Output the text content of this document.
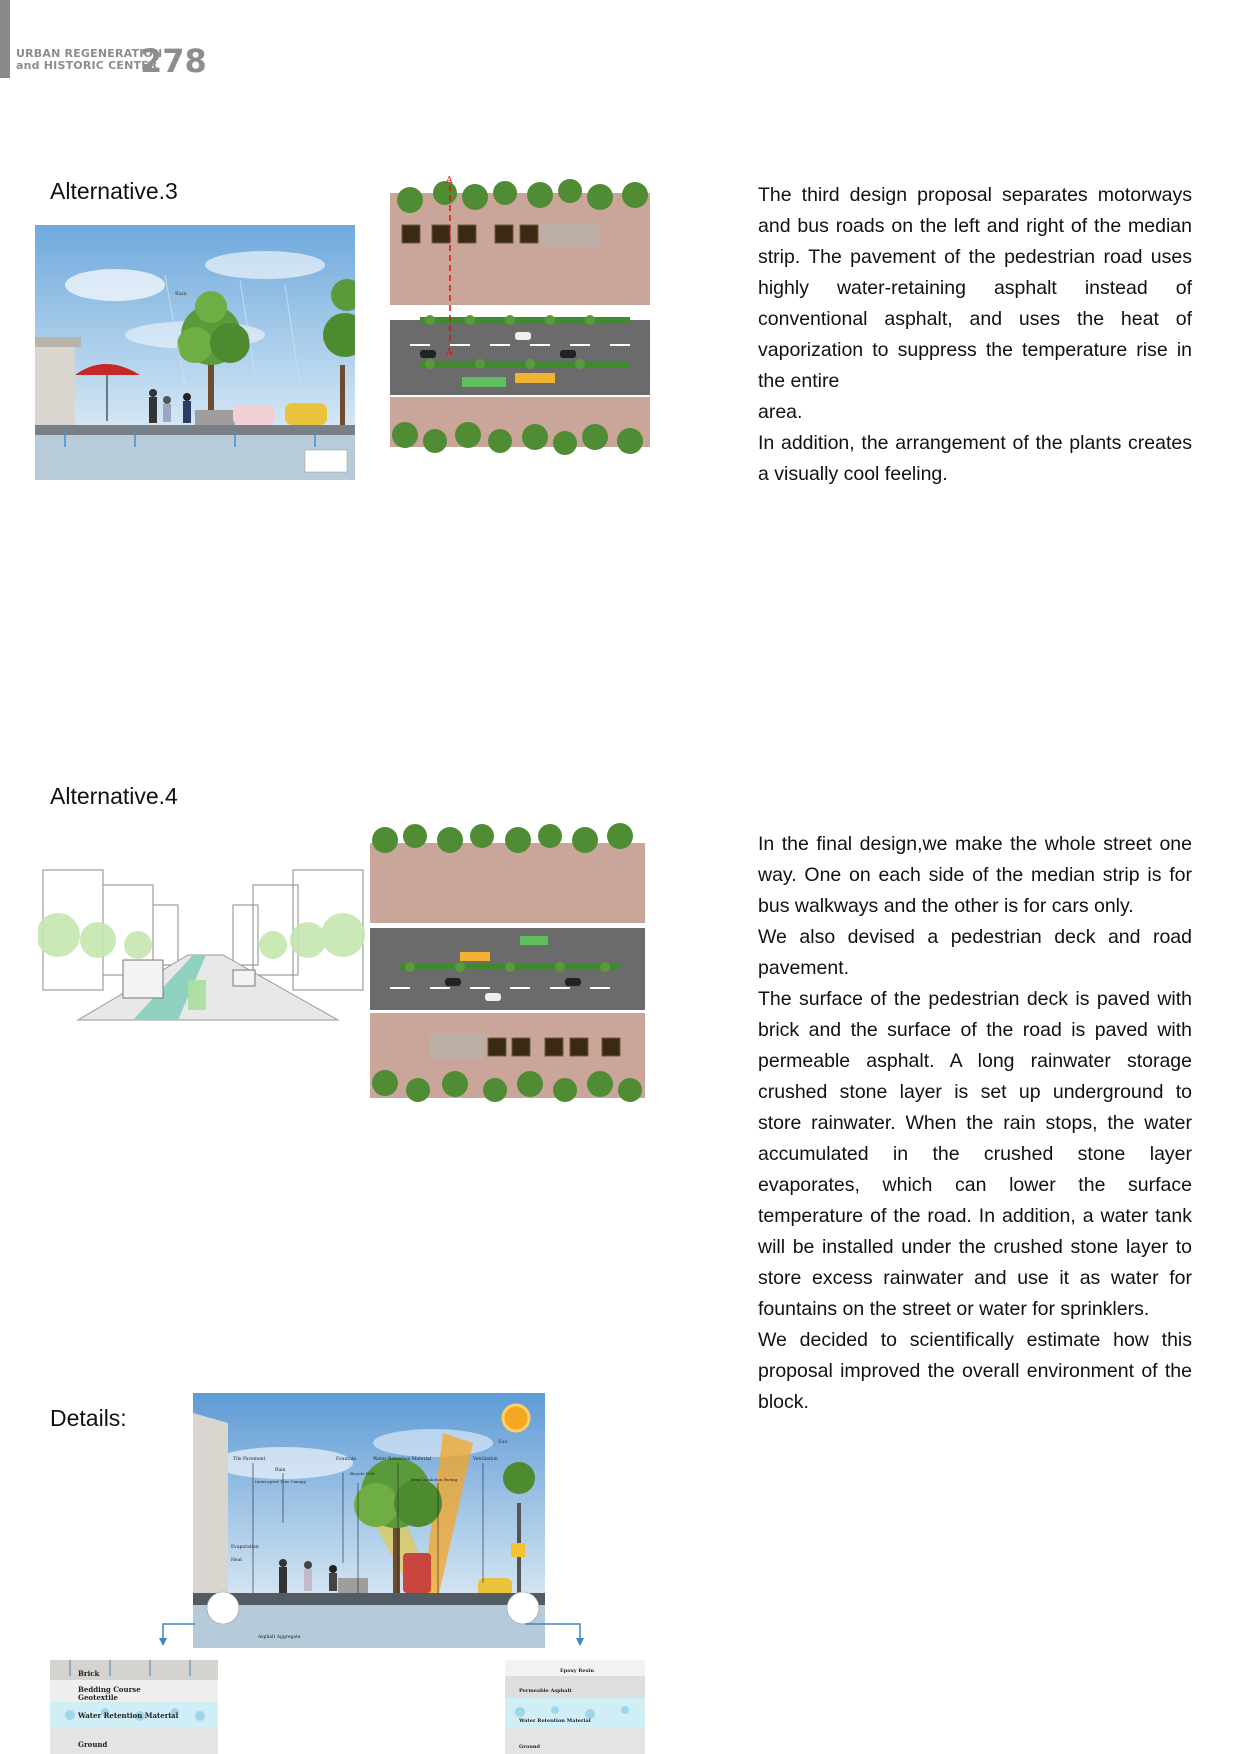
URBAN REGENERATION
and HISTORIC CENTER
278
Alternative.3
Rain
A
A

The third design proposal separates motorways and bus roads on the left and right of the median strip. The pavement of the pedestrian road uses highly water-retaining asphalt instead of conventional asphalt, and uses the heat of vaporization to suppress the temperature rise in the entire

area.

In addition, the arrangement of the plants creates a visually cool feeling.

Alternative.4

In the final design,we make the whole street one way. One on each side of the median strip is for bus walkways and the other is for cars only.

We also devised a pedestrian deck and road pavement.

The surface of the pedestrian deck is paved with brick and the surface of the road is paved with permeable asphalt. A long rainwater storage crushed stone layer is set up underground to store rainwater. When the rain stops, the water accumulated in the crushed stone layer evaporates, which can lower the surface temperature of the road. In addition, a water tank will be installed under the crushed stone layer to store excess rainwater and use it as water for fountains on the street or water for sprinklers.

We decided to scientifically estimate how this proposal improved the overall environment of the block.

Details:
Sun
Tile Pavement
Rain
Intercepted Tree Canopy
Fountain
Bicycle Path
Water Retention Material
Heat Insulation Paving
Ventilation
Evaporation
Heat
Asphalt Aggregate
Brick
Bedding Course
Geotextile
Water Retention Material
Ground
Epoxy Resin
Permeable Asphalt
Water Retention Material
Ground
